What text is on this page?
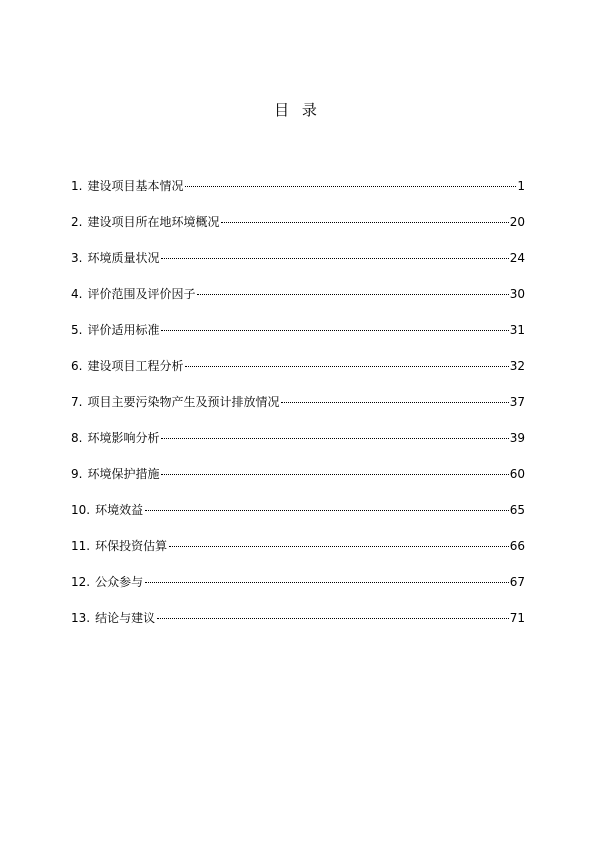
目 录
1. 建设项目基本情况	1
2. 建设项目所在地环境概况	20
3. 环境质量状况	24
4. 评价范围及评价因子	30
5. 评价适用标准	31
6. 建设项目工程分析	32
7. 项目主要污染物产生及预计排放情况	37
8. 环境影响分析	39
9. 环境保护措施	60
10. 环境效益	65
11. 环保投资估算	66
12. 公众参与	67
13. 结论与建议	71
